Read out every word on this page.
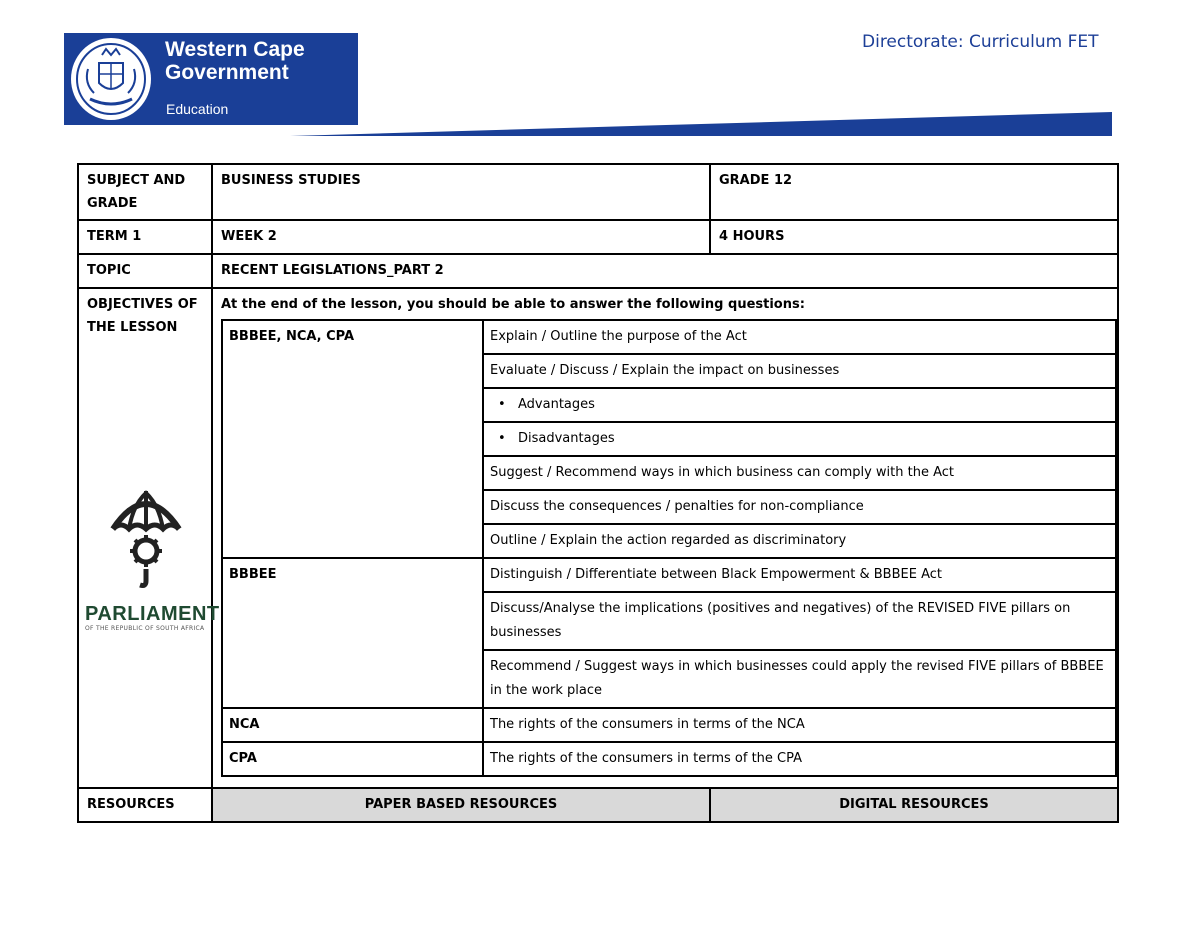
Western Cape
Government
Education
Directorate: Curriculum FET
SUBJECT AND GRADE	BUSINESS STUDIES	GRADE 12
TERM 1	WEEK 2	4 HOURS
TOPIC	RECENT LEGISLATIONS_PART 2

OBJECTIVES OF THE LESSON
PARLIAMENT
OF THE REPUBLIC OF SOUTH AFRICA

At the end of the lesson, you should be able to answer the following questions:
BBBEE, NCA, CPA	Explain / Outline the purpose of the Act
Evaluate / Discuss / Explain the impact on businesses
• Advantages
• Disadvantages
Suggest / Recommend ways in which business can comply with the Act
Discuss the consequences / penalties for non-compliance
Outline / Explain the action regarded as discriminatory
BBBEE	Distinguish / Differentiate between Black Empowerment & BBBEE Act
Discuss/Analyse the implications (positives and negatives) of the REVISED FIVE pillars on businesses
Recommend / Suggest ways in which businesses could apply the revised FIVE pillars of BBBEE in the work place
NCA	The rights of the consumers in terms of the NCA
CPA	The rights of the consumers in terms of the CPA

RESOURCES	PAPER BASED RESOURCES	DIGITAL RESOURCES
